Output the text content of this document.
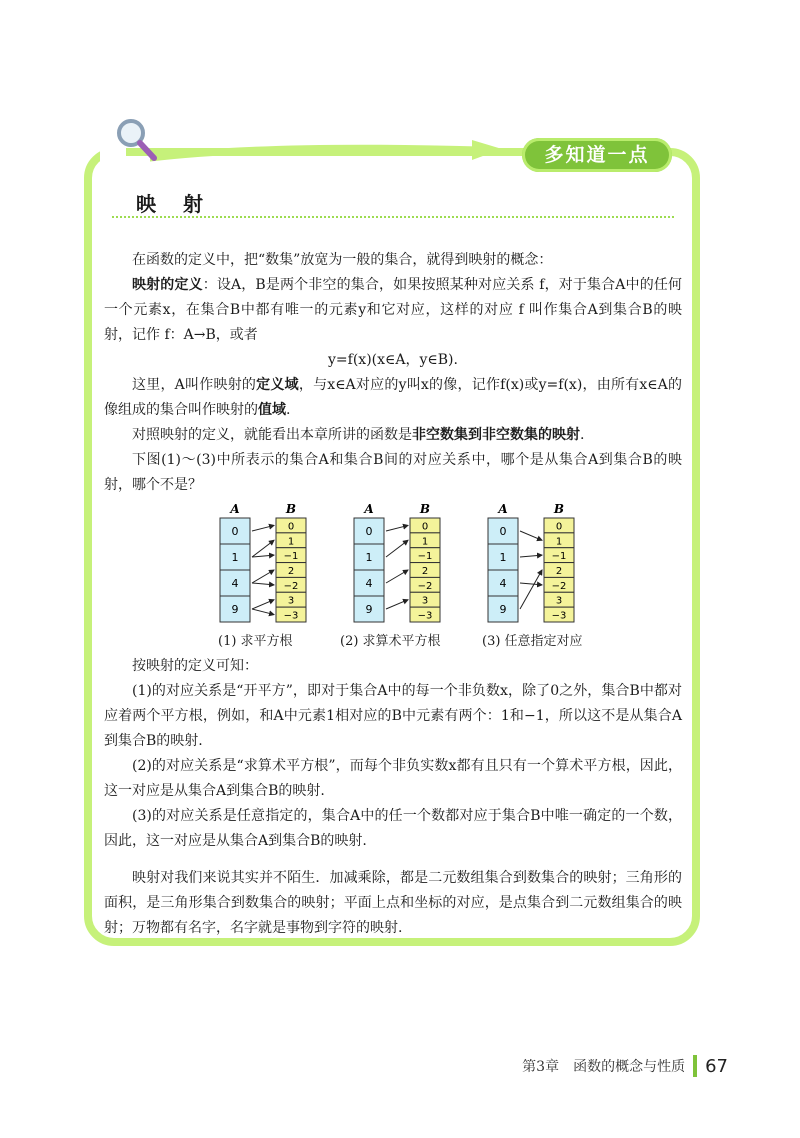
多知道一点
映 射

在函数的定义中，把“数集”放宽为一般的集合，就得到映射的概念：

映射的定义：设A，B是两个非空的集合，如果按照某种对应关系 f，对于集合A中的任何一个元素x，在集合B中都有唯一的元素y和它对应，这样的对应 f 叫作集合A到集合B的映射，记作 f：A→B，或者

y=f(x)(x∈A，y∈B).

这里，A叫作映射的定义域，与x∈A对应的y叫x的像，记作f(x)或y=f(x)，由所有x∈A的像组成的集合叫作映射的值域.

对照映射的定义，就能看出本章所讲的函数是非空数集到非空数集的映射.

下图(1)～(3)中所表示的集合A和集合B间的对应关系中，哪个是从集合A到集合B的映射，哪个不是？

A	B
0
1
4
9
0
1
−1
2
−2
3
−3
(1) 求平方根
A	B
0
1
4
9
0
1
−1
2
−2
3
−3
(2) 求算术平方根
A	B
0
1
4
9
0
1
−1
2
−2
3
−3
(3) 任意指定对应

按映射的定义可知：

(1)的对应关系是“开平方”，即对于集合A中的每一个非负数x，除了0之外，集合B中都对应着两个平方根，例如，和A中元素1相对应的B中元素有两个：1和−1，所以这不是从集合A到集合B的映射.

(2)的对应关系是“求算术平方根”，而每个非负实数x都有且只有一个算术平方根，因此，这一对应是从集合A到集合B的映射.

(3)的对应关系是任意指定的，集合A中的任一个数都对应于集合B中唯一确定的一个数，因此，这一对应是从集合A到集合B的映射.

映射对我们来说其实并不陌生．加减乘除，都是二元数组集合到数集合的映射；三角形的面积，是三角形集合到数集合的映射；平面上点和坐标的对应，是点集合到二元数组集合的映射；万物都有名字，名字就是事物到字符的映射.

第3章　函数的概念与性质 67
